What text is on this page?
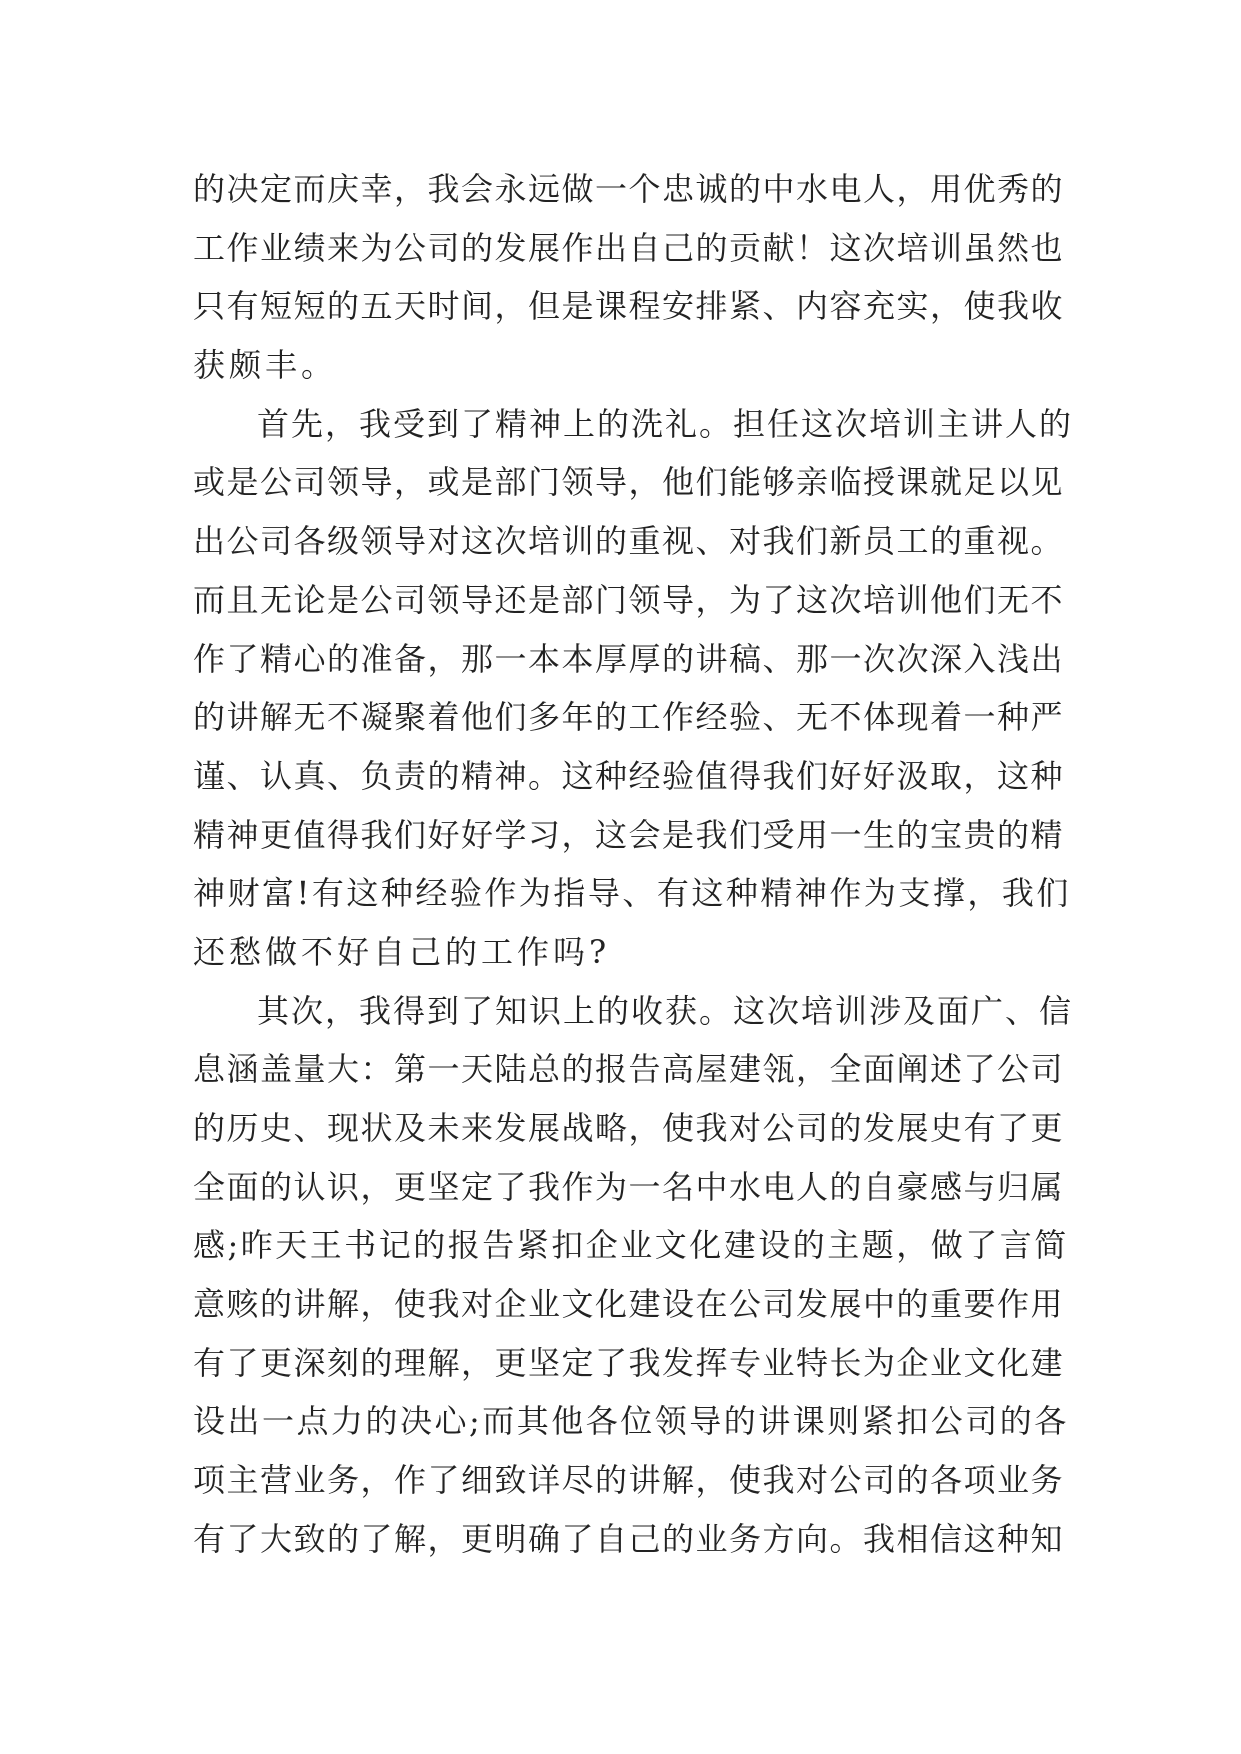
的决定而庆幸，我会永远做一个忠诚的中水电人，用优秀的
工作业绩来为公司的发展作出自己的贡献！这次培训虽然也
只有短短的五天时间，但是课程安排紧、内容充实，使我收
获颇丰。
首先，我受到了精神上的洗礼。担任这次培训主讲人的
或是公司领导，或是部门领导，他们能够亲临授课就足以见
出公司各级领导对这次培训的重视、对我们新员工的重视。
而且无论是公司领导还是部门领导，为了这次培训他们无不
作了精心的准备，那一本本厚厚的讲稿、那一次次深入浅出
的讲解无不凝聚着他们多年的工作经验、无不体现着一种严
谨、认真、负责的精神。这种经验值得我们好好汲取，这种
精神更值得我们好好学习，这会是我们受用一生的宝贵的精
神财富!有这种经验作为指导、有这种精神作为支撑，我们
还愁做不好自己的工作吗?
其次，我得到了知识上的收获。这次培训涉及面广、信
息涵盖量大：第一天陆总的报告高屋建瓴，全面阐述了公司
的历史、现状及未来发展战略，使我对公司的发展史有了更
全面的认识，更坚定了我作为一名中水电人的自豪感与归属
感;昨天王书记的报告紧扣企业文化建设的主题，做了言简
意赅的讲解，使我对企业文化建设在公司发展中的重要作用
有了更深刻的理解，更坚定了我发挥专业特长为企业文化建
设出一点力的决心;而其他各位领导的讲课则紧扣公司的各
项主营业务，作了细致详尽的讲解，使我对公司的各项业务
有了大致的了解，更明确了自己的业务方向。我相信这种知
